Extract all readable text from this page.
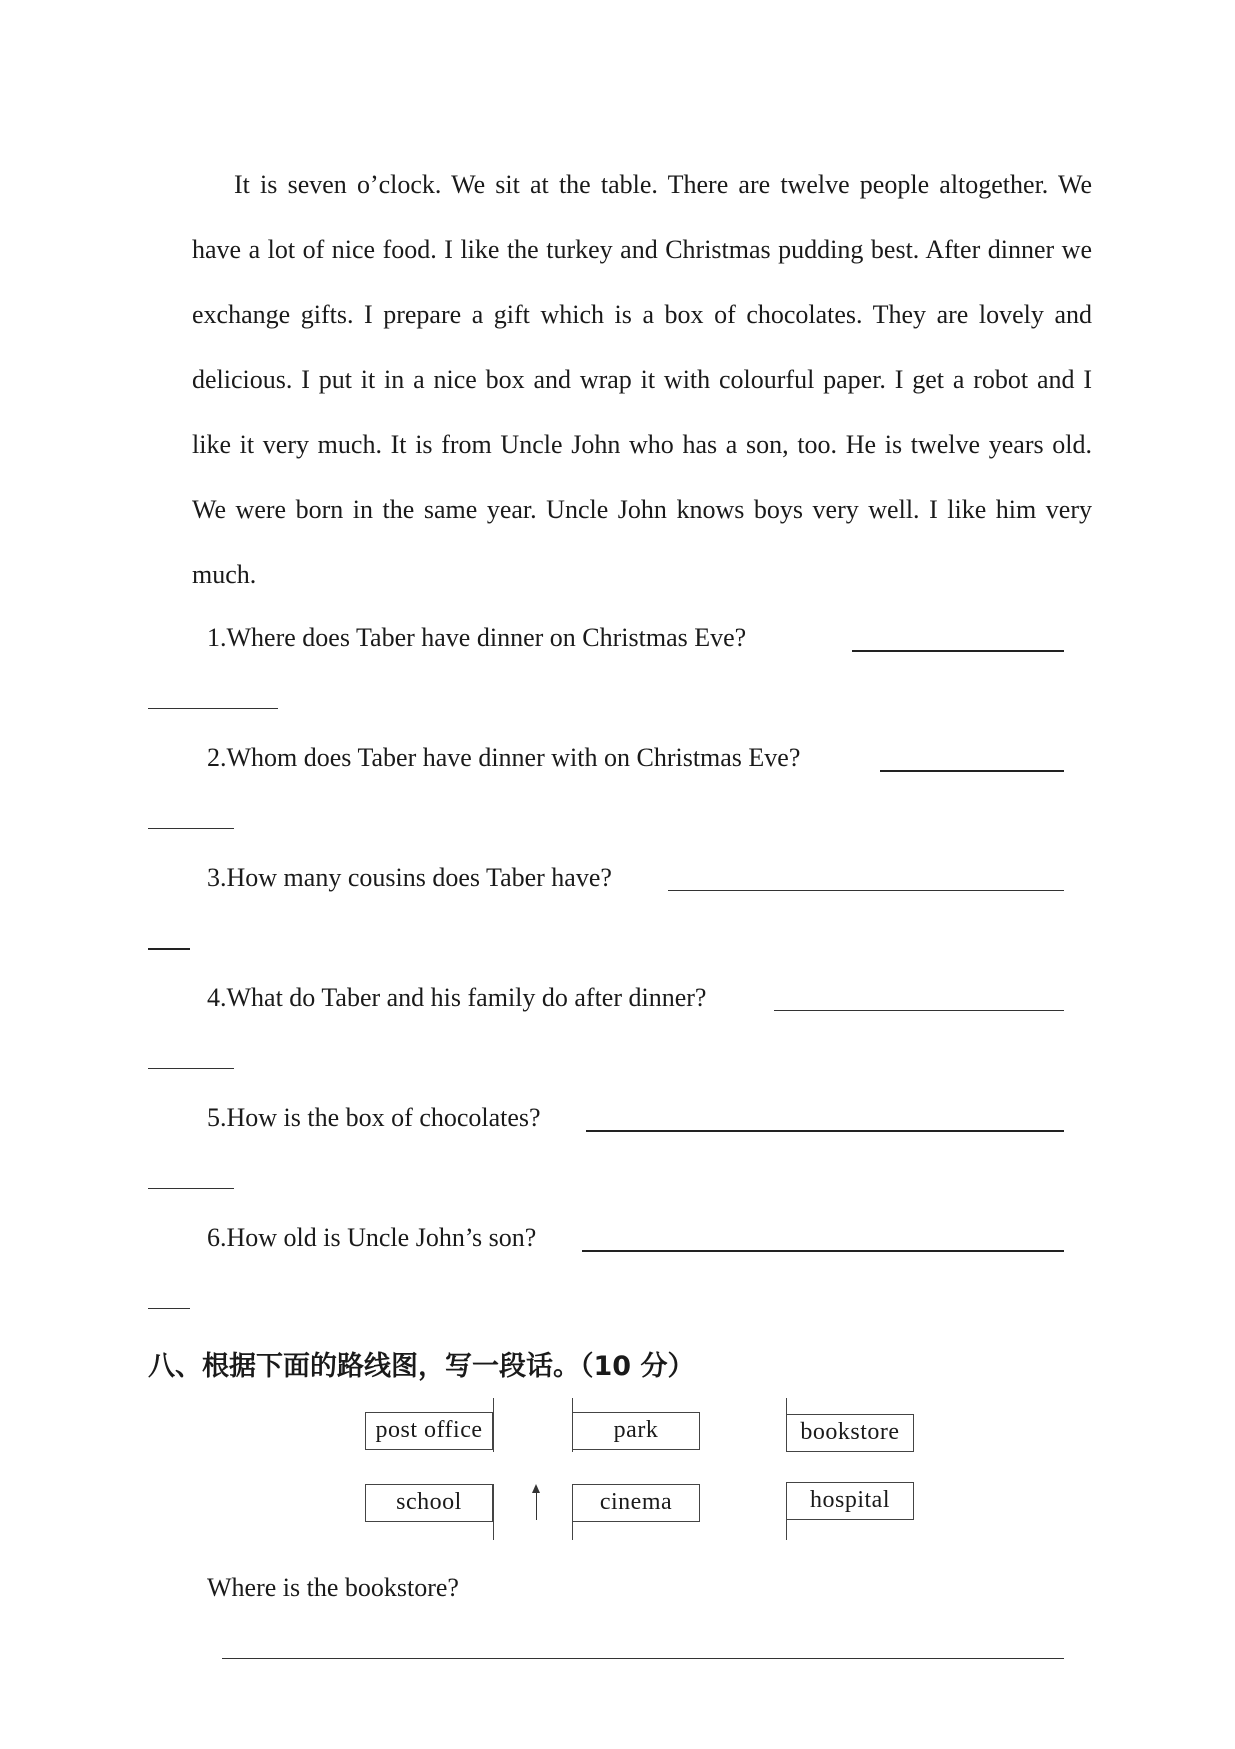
It is seven o’clock. We sit at the table. There are twelve people altogether. We have a lot of nice food. I like the turkey and Christmas pudding best. After dinner we exchange gifts. I prepare a gift which is a box of chocolates. They are lovely and delicious. I put it in a nice box and wrap it with colourful paper. I get a robot and I like it very much. It is from Uncle John who has a son, too. He is twelve years old. We were born in the same year. Uncle John knows boys very well. I like him very much.

1.Where does Taber have dinner on Christmas Eve?
2.Whom does Taber have dinner with on Christmas Eve?
3.How many cousins does Taber have?
4.What do Taber and his family do after dinner?
5.How is the box of chocolates?
6.How old is Uncle John’s son?
八、根据下面的路线图，写一段话。（10 分）
post office	park	bookstore
school	cinema	hospital
Where is the bookstore?
